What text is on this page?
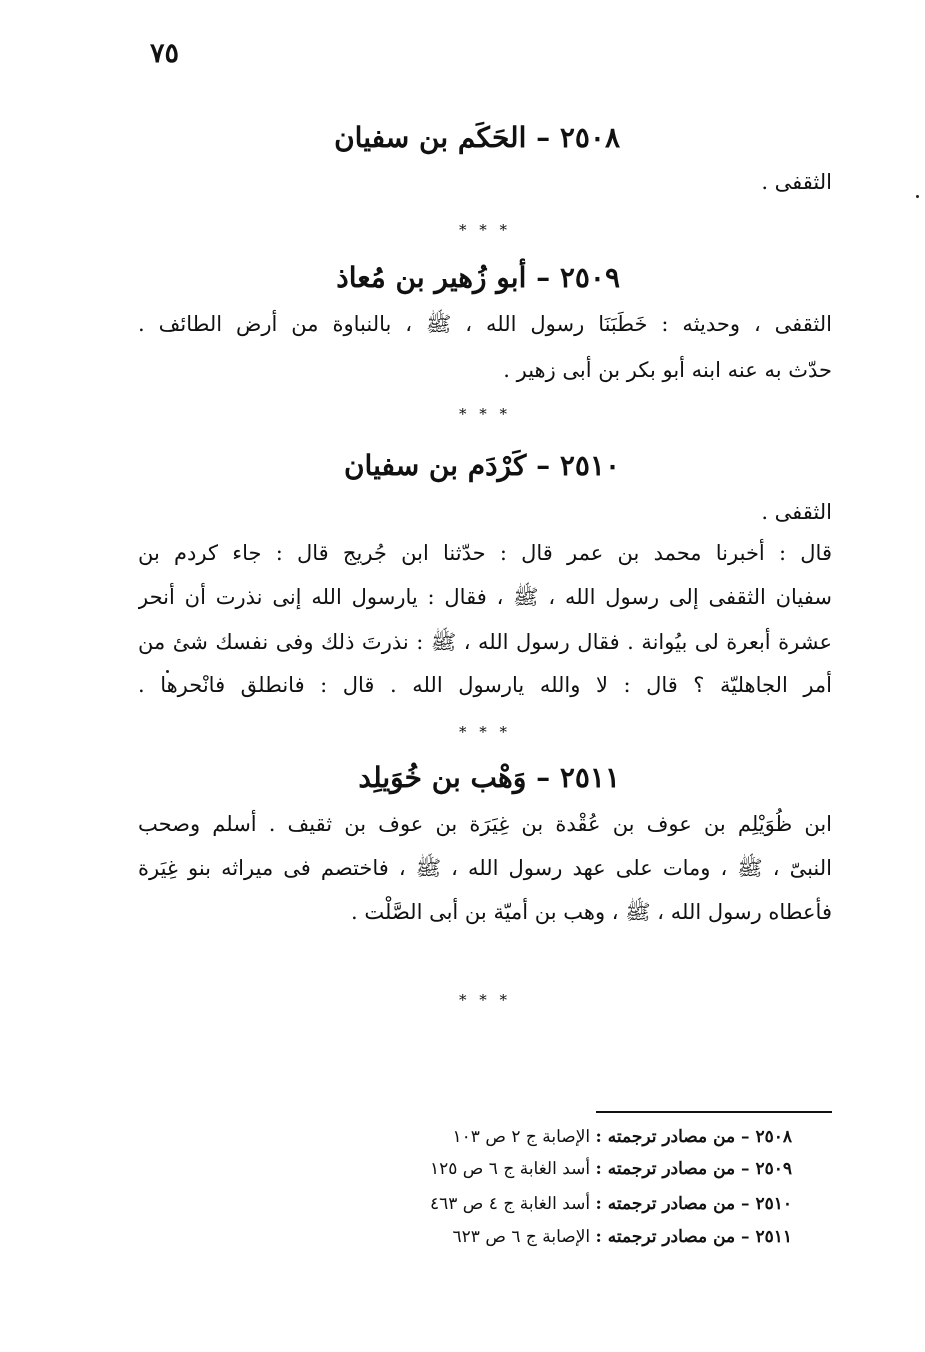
٧٥
٢٥٠٨ – الحَكَم بن سفيان
الثقفى .
* * *
٢٥٠٩ – أبو زُهير بن مُعاذ
الثقفى ، وحديثه : خَطَبَنَا رسول الله ، ﷺ ، بالنباوة من أرض الطائف .
حدّث به عنه ابنه أبو بكر بن أبى زهير .
* * *
٢٥١٠ – كَرْدَم بن سفيان
الثقفى .
قال : أخبرنا محمد بن عمر قال : حدّثنا ابن جُريج قال : جاء كردم بن
سفيان الثقفى إلى رسول الله ، ﷺ ، فقال : يارسول الله إنى نذرت أن أنحر
عشرة أبعرة لى بيُوانة . فقال رسول الله ، ﷺ : نذرتَ ذلك وفى نفسك شئ من
أمر الجاهليّة ؟ قال : لا والله يارسول الله . قال : فانطلق فانْحرها .
* * *
٢٥١١ – وَهْب بن خُوَيلِد
ابن ظُوَيْلِم بن عوف بن عُقْدة بن غِيَرَة بن عوف بن ثقيف . أسلم وصحب
النبىّ ، ﷺ ، ومات على عهد رسول الله ، ﷺ ، فاختصم فى ميراثه بنو غِيَرة
فأعطاه رسول الله ، ﷺ ، وهب بن أميّة بن أبى الصَّلْت .
* * *
٢٥٠٨ – من مصادر ترجمته : الإصابة ج ٢ ص ١٠٣
٢٥٠٩ – من مصادر ترجمته : أسد الغابة ج ٦ ص ١٢٥
٢٥١٠ – من مصادر ترجمته : أسد الغابة ج ٤ ص ٤٦٣
٢٥١١ – من مصادر ترجمته : الإصابة ج ٦ ص ٦٢٣
